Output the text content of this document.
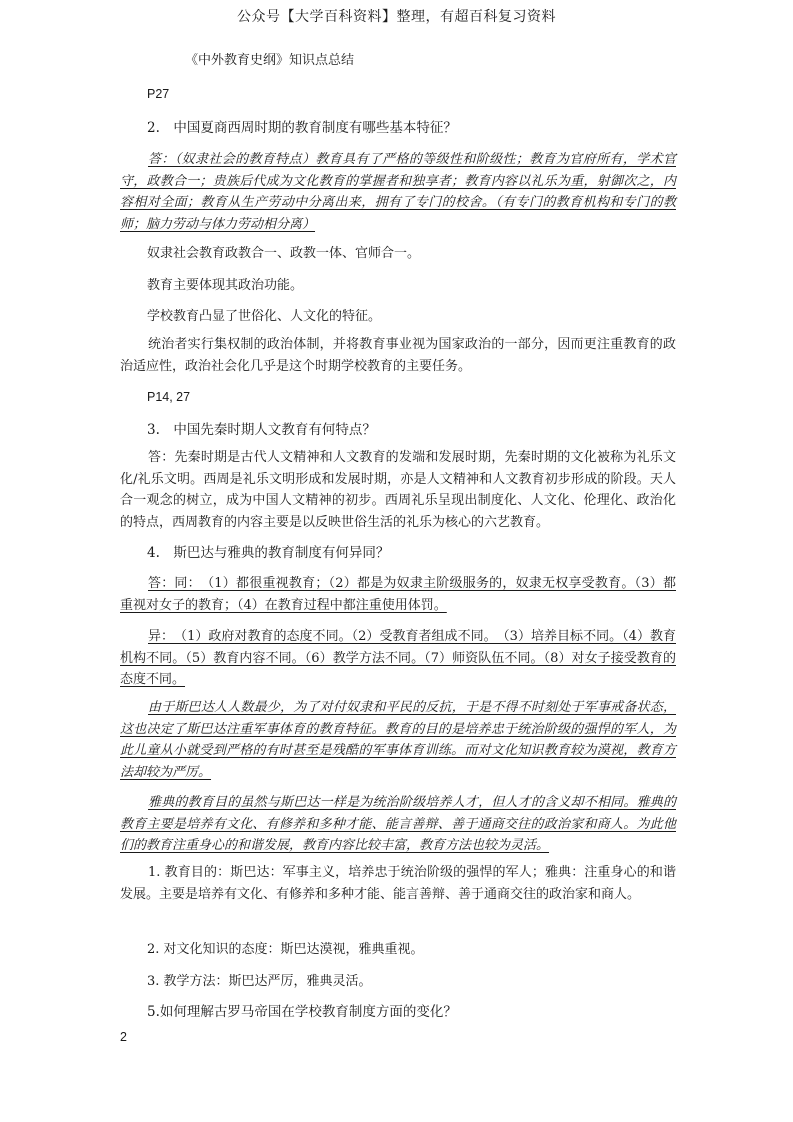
公众号【大学百科资料】整理，有超百科复习资料
《中外教育史纲》知识点总结
P27
2.　中国夏商西周时期的教育制度有哪些基本特征？
答：（奴隶社会的教育特点）教育具有了严格的等级性和阶级性；教育为官府所有，学术官守，政教合一；贵族后代成为文化教育的掌握者和独享者；教育内容以礼乐为重，射御次之，内容相对全面；教育从生产劳动中分离出来，拥有了专门的校舍。（有专门的教育机构和专门的教师；脑力劳动与体力劳动相分离）
奴隶社会教育政教合一、政教一体、官师合一。
教育主要体现其政治功能。
学校教育凸显了世俗化、人文化的特征。
统治者实行集权制的政治体制，并将教育事业视为国家政治的一部分，因而更注重教育的政治适应性，政治社会化几乎是这个时期学校教育的主要任务。
P14, 27
3.　中国先秦时期人文教育有何特点？
答：先秦时期是古代人文精神和人文教育的发端和发展时期，先秦时期的文化被称为礼乐文化/礼乐文明。西周是礼乐文明形成和发展时期，亦是人文精神和人文教育初步形成的阶段。天人合一观念的树立，成为中国人文精神的初步。西周礼乐呈现出制度化、人文化、伦理化、政治化的特点，西周教育的内容主要是以反映世俗生活的礼乐为核心的六艺教育。
4.　斯巴达与雅典的教育制度有何异同？
答：同：　（1）都很重视教育；（2）都是为奴隶主阶级服务的，奴隶无权享受教育。（3）都重视对女子的教育；（4）在教育过程中都注重使用体罚。
异：　（1）政府对教育的态度不同。（2）受教育者组成不同。　（3）培养目标不同。（4）教育机构不同。（5）教育内容不同。（6）教学方法不同。（7）师资队伍不同。（8）对女子接受教育的态度不同。
由于斯巴达人人数最少，为了对付奴隶和平民的反抗，于是不得不时刻处于军事戒备状态，这也决定了斯巴达注重军事体育的教育特征。教育的目的是培养忠于统治阶级的强悍的军人，为此儿童从小就受到严格的有时甚至是残酷的军事体育训练。而对文化知识教育较为漠视，教育方法却较为严厉。
雅典的教育目的虽然与斯巴达一样是为统治阶级培养人才，但人才的含义却不相同。雅典的教育主要是培养有文化、有修养和多种才能、能言善辩、善于通商交往的政治家和商人。为此他们的教育注重身心的和谐发展，教育内容比较丰富，教育方法也较为灵活。
1. 教育目的：斯巴达：军事主义，培养忠于统治阶级的强悍的军人；雅典：注重身心的和谐发展。主要是培养有文化、有修养和多种才能、能言善辩、善于通商交往的政治家和商人。
2. 对文化知识的态度：斯巴达漠视，雅典重视。
3. 教学方法：斯巴达严厉，雅典灵活。
5.如何理解古罗马帝国在学校教育制度方面的变化？
2
